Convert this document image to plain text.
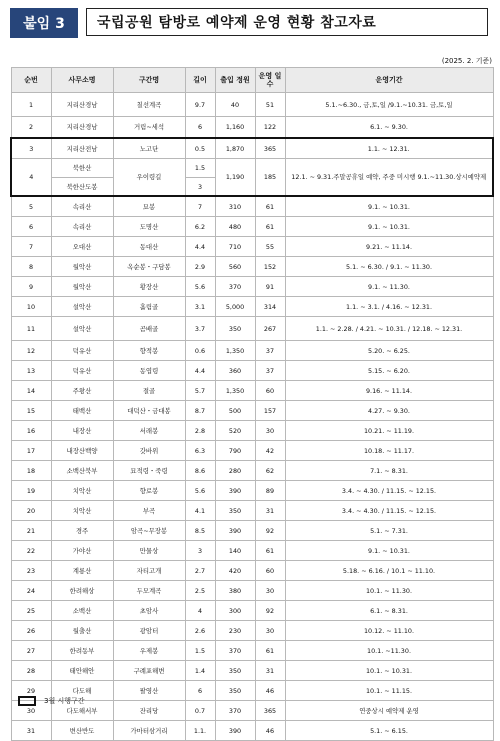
붙임 3	국립공원 탐방로 예약제 운영 현황 참고자료
(2025. 2. 기준)
순번	사무소명	구간명	길이	출입 정원	운영 일수	운영기간
1	지리산경남	칠선계곡	9.7	40	51	5.1.~6.30., 금,토,일 /9.1.~10.31. 금,토,일
2	지리산경남	거림~세석	6	1,160	122	6.1. ~ 9.30.
3	지리산전남	노고단	0.5	1,870	365	1.1. ~ 12.31.
4	북한산	우이령길	1.5	1,190	185	12.1. ~ 9.31.주말공휴일 예약, 주중 미시행 9.1.~11.30.상시예약제
	북한산도봉		3			
5	속리산	묘봉	7	310	61	9.1. ~ 10.31.
6	속리산	도명산	6.2	480	61	9.1. ~ 10.31.
7	오대산	동대산	4.4	710	55	9.21. ~ 11.14.
8	월악산	옥순봉・구담봉	2.9	560	152	5.1. ~ 6.30. / 9.1. ~ 11.30.
9	월악산	황장산	5.6	370	91	9.1. ~ 11.30.
10	설악산	흘림골	3.1	5,000	314	1.1. ~ 3.1. / 4.16. ~ 12.31.
11	설악산	곰배골	3.7	350	267	1.1. ~ 2.28. / 4.21. ~ 10.31. / 12.18. ~ 12.31.
12	덕유산	향적봉	0.6	1,350	37	5.20. ~ 6.25.
13	덕유산	동엽령	4.4	360	37	5.15. ~ 6.20.
14	주왕산	절골	5.7	1,350	60	9.16. ~ 11.14.
15	태백산	대덕산・금대봉	8.7	500	157	4.27. ~ 9.30.
16	내장산	서래봉	2.8	520	30	10.21. ~ 11.19.
17	내장산백양	갓바위	6.3	790	42	10.18. ~ 11.17.
18	소백산북부	묘적령・죽령	8.6	280	62	7.1. ~ 8.31.
19	치악산	향로봉	5.6	390	89	3.4. ~ 4.30. / 11.15. ~ 12.15.
20	치악산	부곡	4.1	350	31	3.4. ~ 4.30. / 11.15. ~ 12.15.
21	경주	암곡~무장봉	8.5	390	92	5.1. ~ 7.31.
22	가야산	만물상	3	140	61	9.1. ~ 10.31.
23	계룡산	자티고개	2.7	420	60	5.18. ~ 6.16. / 10.1 ~ 11.10.
24	한려해상	두모계곡	2.5	380	30	10.1. ~ 11.30.
25	소백산	초암사	4	300	92	6.1. ~ 8.31.
26	월출산	광암터	2.6	230	30	10.12. ~ 11.10.
27	한려동부	우제봉	1.5	370	61	10.1. ~11.30.
28	태안해안	구례포해변	1.4	350	31	10.1. ~ 10.31.
29	다도해	팔영산	6	350	46	10.1. ~ 11.15.
30	다도해서부	잔리당	0.7	370	365	연중상시 예약제 운영
31	변산반도	가마터삼거리	1.1.	390	46	5.1. ~ 6.15.
3월 시행구간
